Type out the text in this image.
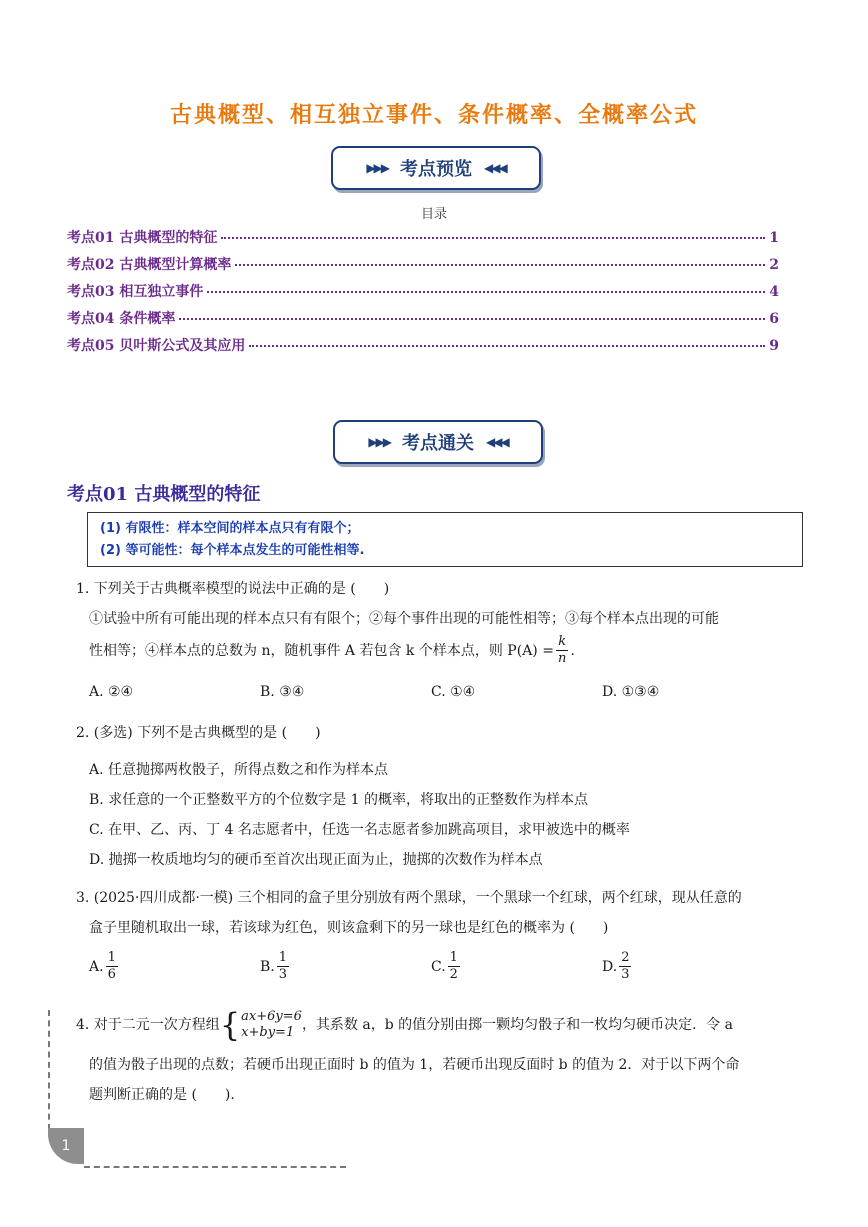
古典概型、相互独立事件、条件概率、全概率公式
▶▶▶ 考点预览 ◀◀◀
目录
考点01 古典概型的特征	1
考点02 古典概型计算概率	2
考点03 相互独立事件	4
考点04 条件概率	6
考点05 贝叶斯公式及其应用	9
▶▶▶ 考点通关 ◀◀◀
考点01 古典概型的特征
(1) 有限性：样本空间的样本点只有有限个；
(2) 等可能性：每个样本点发生的可能性相等.
1. 下列关于古典概率模型的说法中正确的是 (　　)
①试验中所有可能出现的样本点只有有限个；②每个事件出现的可能性相等；③每个样本点出现的可能
性相等；④样本点的总数为 n，随机事件 A 若包含 k 个样本点，则 $P(A) = \frac{k}{n}$ .
A. ②④	B. ③④	C. ①④	D. ①③④
2. (多选) 下列不是古典概型的是 (　　)
A. 任意抛掷两枚骰子，所得点数之和作为样本点
B. 求任意的一个正整数平方的个位数字是 1 的概率，将取出的正整数作为样本点
C. 在甲、乙、丙、丁 4 名志愿者中，任选一名志愿者参加跳高项目，求甲被选中的概率
D. 抛掷一枚质地均匀的硬币至首次出现正面为止，抛掷的次数作为样本点
3. (2025·四川成都·一模) 三个相同的盒子里分别放有两个黑球，一个黑球一个红球，两个红球，现从任意的
盒子里随机取出一球，若该球为红色，则该盒剩下的另一球也是红色的概率为 (　　)
A. $\frac{1}{6}$	B. $\frac{1}{3}$	C. $\frac{1}{2}$	D. $\frac{2}{3}$
4. 对于二元一次方程组 { ax+6y=6
x+by=1 ，其系数 a，b 的值分别由掷一颗均匀骰子和一枚均匀硬币决定．令 a
的值为骰子出现的点数；若硬币出现正面时 b 的值为 1，若硬币出现反面时 b 的值为 2．对于以下两个命
题判断正确的是 (　　).
1
